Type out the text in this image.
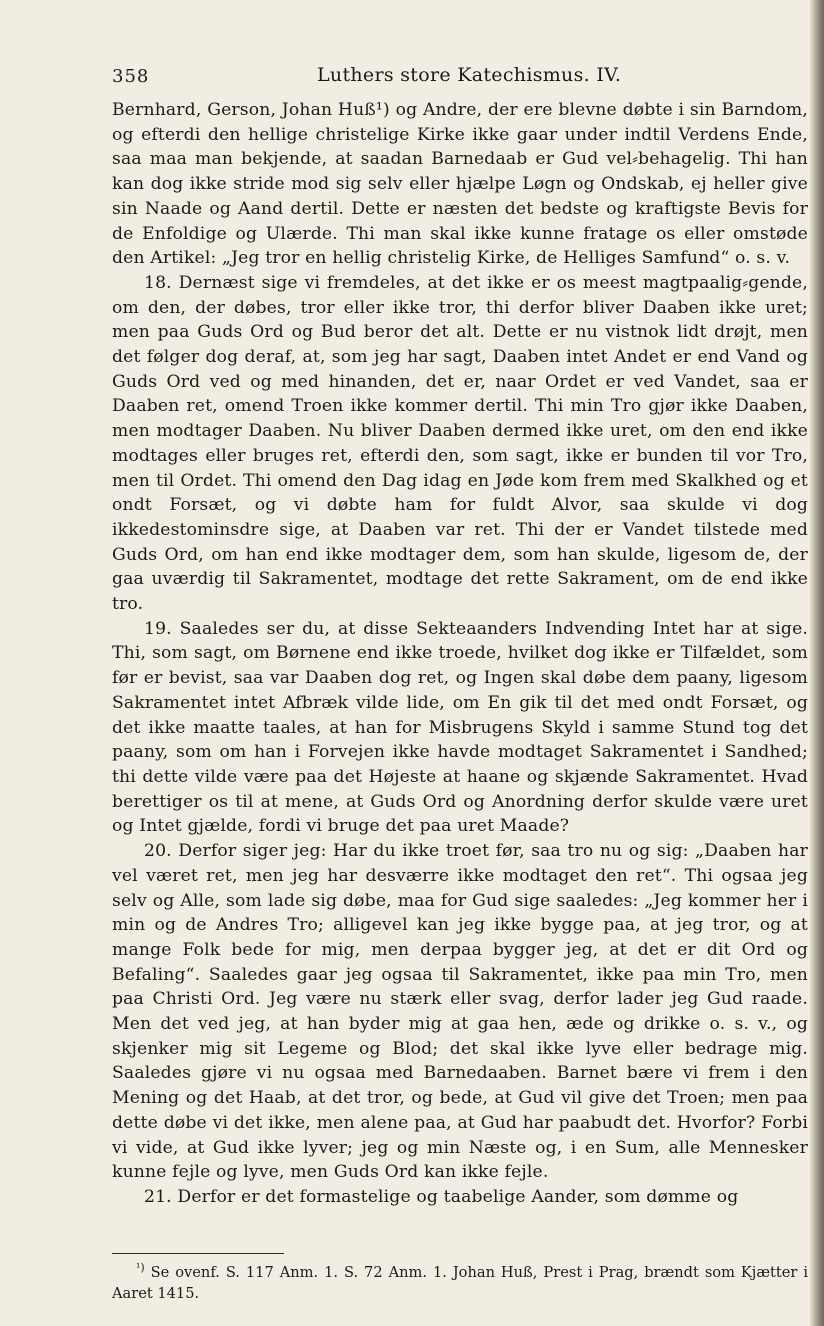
358	Luthers store Katechismus. IV.

Bernhard, Gerson, Johan Huß¹) og Andre, der ere blevne døbte i sin Barndom, og efterdi den hellige christelige Kirke ikke gaar under indtil Verdens Ende, saa maa man bekjende, at saadan Barnedaab er Gud vel⸗behagelig. Thi han kan dog ikke stride mod sig selv eller hjælpe Løgn og Ondskab, ej heller give sin Naade og Aand dertil. Dette er næsten det bedste og kraftigste Bevis for de Enfoldige og Ulærde. Thi man skal ikke kunne fratage os eller omstøde den Artikel: „Jeg tror en hellig christelig Kirke, de Helliges Samfund“ o. s. v.

18. Dernæst sige vi fremdeles, at det ikke er os meest magtpaalig⸗gende, om den, der døbes, tror eller ikke tror, thi derfor bliver Daaben ikke uret; men paa Guds Ord og Bud beror det alt. Dette er nu vistnok lidt drøjt, men det følger dog deraf, at, som jeg har sagt, Daaben intet Andet er end Vand og Guds Ord ved og med hinanden, det er, naar Ordet er ved Vandet, saa er Daaben ret, omend Troen ikke kommer dertil. Thi min Tro gjør ikke Daaben, men modtager Daaben. Nu bliver Daaben dermed ikke uret, om den end ikke modtages eller bruges ret, efterdi den, som sagt, ikke er bunden til vor Tro, men til Ordet. Thi omend den Dag idag en Jøde kom frem med Skalkhed og et ondt Forsæt, og vi døbte ham for fuldt Alvor, saa skulde vi dog ikkedestominsdre sige, at Daaben var ret. Thi der er Vandet tilstede med Guds Ord, om han end ikke modtager dem, som han skulde, ligesom de, der gaa uværdig til Sakramentet, modtage det rette Sakrament, om de end ikke tro.

19. Saaledes ser du, at disse Sekteaanders Indvending Intet har at sige. Thi, som sagt, om Børnene end ikke troede, hvilket dog ikke er Tilfældet, som før er bevist, saa var Daaben dog ret, og Ingen skal døbe dem paany, ligesom Sakramentet intet Afbræk vilde lide, om En gik til det med ondt Forsæt, og det ikke maatte taales, at han for Misbrugens Skyld i samme Stund tog det paany, som om han i Forvejen ikke havde modtaget Sakramentet i Sandhed; thi dette vilde være paa det Højeste at haane og skjænde Sakramentet. Hvad berettiger os til at mene, at Guds Ord og Anordning derfor skulde være uret og Intet gjælde, fordi vi bruge det paa uret Maade?

20. Derfor siger jeg: Har du ikke troet før, saa tro nu og sig: „Daaben har vel været ret, men jeg har desværre ikke modtaget den ret“. Thi ogsaa jeg selv og Alle, som lade sig døbe, maa for Gud sige saaledes: „Jeg kommer her i min og de Andres Tro; alligevel kan jeg ikke bygge paa, at jeg tror, og at mange Folk bede for mig, men derpaa bygger jeg, at det er dit Ord og Befaling“. Saaledes gaar jeg ogsaa til Sakramentet, ikke paa min Tro, men paa Christi Ord. Jeg være nu stærk eller svag, derfor lader jeg Gud raade. Men det ved jeg, at han byder mig at gaa hen, æde og drikke o. s. v., og skjenker mig sit Legeme og Blod; det skal ikke lyve eller bedrage mig. Saaledes gjøre vi nu ogsaa med Barnedaaben. Barnet bære vi frem i den Mening og det Haab, at det tror, og bede, at Gud vil give det Troen; men paa dette døbe vi det ikke, men alene paa, at Gud har paabudt det. Hvorfor? Forbi vi vide, at Gud ikke lyver; jeg og min Næste og, i en Sum, alle Mennesker kunne fejle og lyve, men Guds Ord kan ikke fejle.

21. Derfor er det formastelige og taabelige Aander, som dømme og

$^{^1)}$ Se ovenf. S. 117 Anm. 1. S. 72 Anm. 1. Johan Huß, Prest i Prag, brændt som Kjætter i Aaret 1415.
